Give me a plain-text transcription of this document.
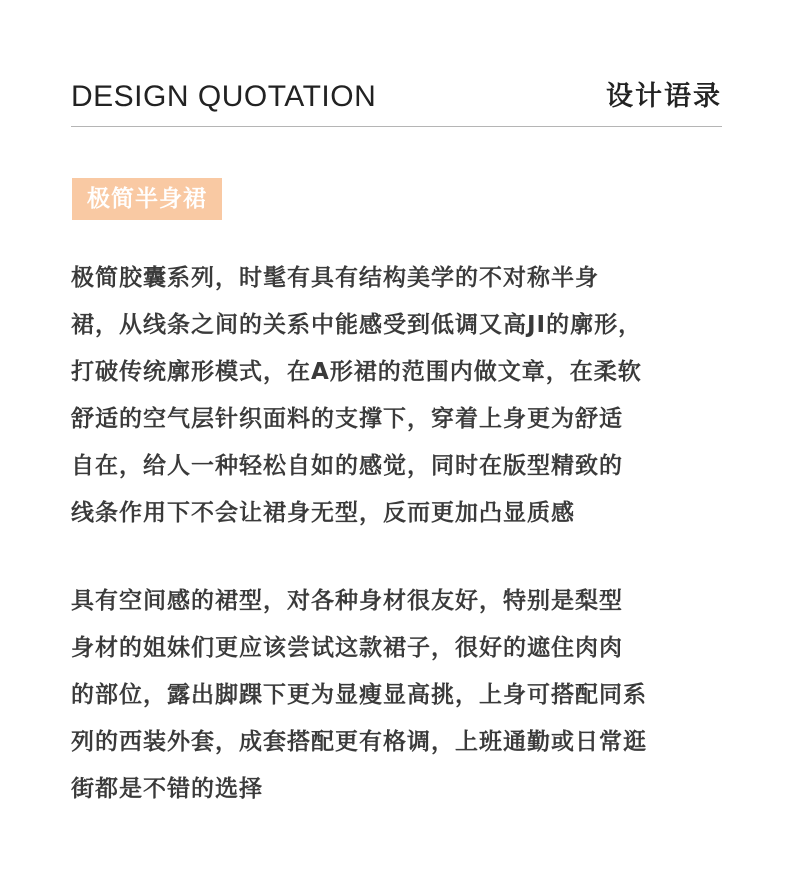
DESIGN QUOTATION	设计语录
极简半身裙
极简胶囊系列，时髦有具有结构美学的不对称半身
裙，从线条之间的关系中能感受到低调又高JI的廓形，
打破传统廓形模式，在A形裙的范围内做文章，在柔软
舒适的空气层针织面料的支撑下，穿着上身更为舒适
自在，给人一种轻松自如的感觉，同时在版型精致的
线条作用下不会让裙身无型，反而更加凸显质感
具有空间感的裙型，对各种身材很友好，特别是梨型
身材的姐妹们更应该尝试这款裙子，很好的遮住肉肉
的部位，露出脚踝下更为显瘦显高挑，上身可搭配同系
列的西装外套，成套搭配更有格调，上班通勤或日常逛
街都是不错的选择
